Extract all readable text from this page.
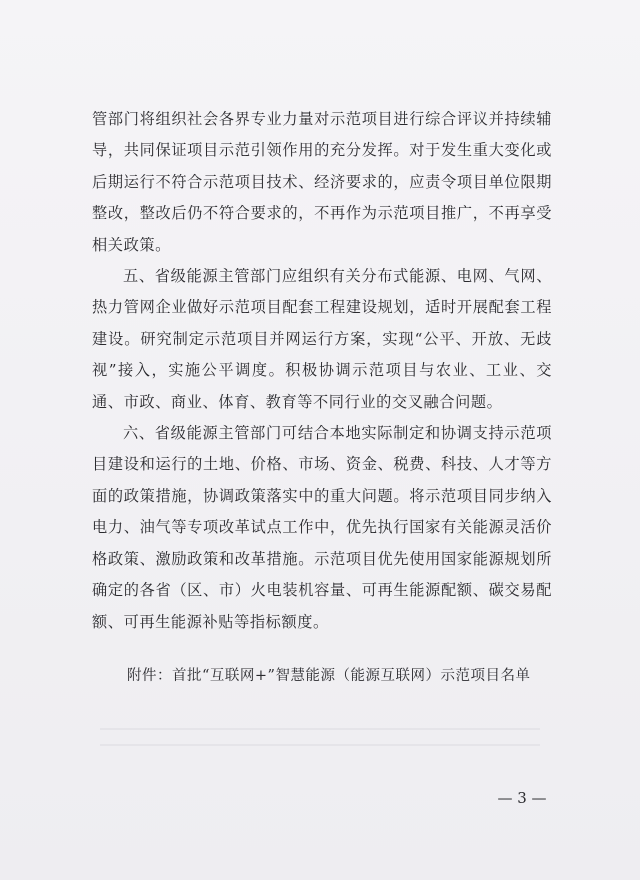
管部门将组织社会各界专业力量对示范项目进行综合评议并持续辅导，共同保证项目示范引领作用的充分发挥。对于发生重大变化或后期运行不符合示范项目技术、经济要求的，应责令项目单位限期整改，整改后仍不符合要求的，不再作为示范项目推广，不再享受相关政策。

五、省级能源主管部门应组织有关分布式能源、电网、气网、热力管网企业做好示范项目配套工程建设规划，适时开展配套工程建设。研究制定示范项目并网运行方案，实现“公平、开放、无歧视”接入，实施公平调度。积极协调示范项目与农业、工业、交通、市政、商业、体育、教育等不同行业的交叉融合问题。

六、省级能源主管部门可结合本地实际制定和协调支持示范项目建设和运行的土地、价格、市场、资金、税费、科技、人才等方面的政策措施，协调政策落实中的重大问题。将示范项目同步纳入电力、油气等专项改革试点工作中，优先执行国家有关能源灵活价格政策、激励政策和改革措施。示范项目优先使用国家能源规划所确定的各省（区、市）火电装机容量、可再生能源配额、碳交易配额、可再生能源补贴等指标额度。

附件：首批“互联网+”智慧能源（能源互联网）示范项目名单
— 3 —
